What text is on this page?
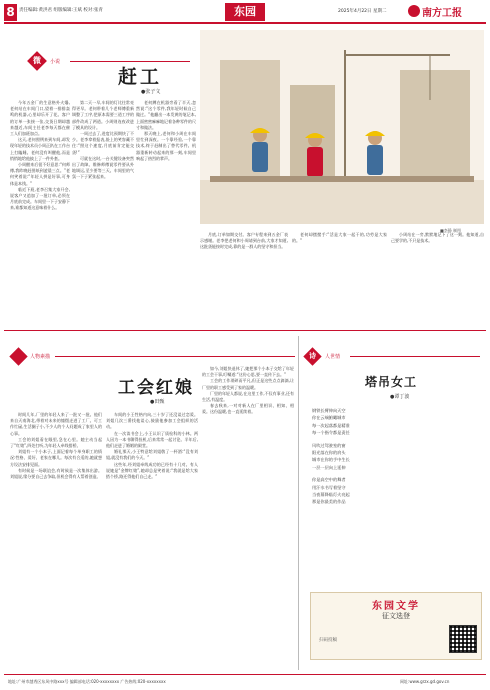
8 责任编辑:黄洪君 组版编辑:王斌 校对:张青	东园	2025年4月22日 星期二	南方工报
微	小说
赶工
●张子文

今年五金厂的生意格外火爆,老何站在车间门口,望着一排排轰鸣的机器,心里却乐开了花。客户的订单一张接一张,交货日期却越来越近,车间主任老李每天都在催工人们加班加点。

这天,老何照例来到车间,却发现年轻的技术员小周正趴在工作台上打瞌睡。老何没有叫醒他,而是悄悄地给他披上了一件外套。

小周醒来后很不好意思:“何师傅,我昨晚赶图纸到凌晨三点。”老何笑着说:“年轻人拼是好事,可身体是本钱。”

临近下班,老李召集大家开会,说客户又追加了一批订单,必须在月底前完成。车间里一下子安静下来,谁都知道这意味着什么。

第二天一早,车间的灯比往常亮得更早。老何带着几个老师傅重新调整了工序,把原本需要三道工序的部件改成了两道。小周则连夜改进了模具的设计。

一周过去了,进度比预期快了不少。老李拿着报表,脸上的笑容藏不住:“照这个速度,月底前肯定能交货!”

可就在这时,一台关键设备突然出了故障。维修师傅说零件要从外地调运,至少要等三天。车间里的气氛一下子紧张起来。

老何蹲在机器旁看了半天,忽然说:“这个零件,我年轻时候自己做过。”他翻出一本发黄的笔记本,上面密密麻麻地记着各种零件的尺寸和做法。

那天晚上,老何和小周在车间里忙到深夜。一个靠经验,一个靠技术,终于赶制出了替代零件。机器重新转动起来的那一刻,车间里响起了热烈的掌声。

■李静 制图

月底,订单如期交付。客户专程来到五金厂表示感谢。老李把老何和小周请到台前,大家才知道,这批货能按时完成,靠的是一群人的坚守和担当。

老何却摆摆手:“活是大家一起干的,功劳是大家的。”

小周站在一旁,默默地记下了这一刻。他知道,自己要学的,不只是技术。

人物素描
工会红娘
●田甄

时间几年,厂里的年轻人来了一批又一批。他们来自天南海北,带着对未来的憧憬走进了工厂。可工作忙碌,生活圈子小,不少人的个人问题成了家里人的心事。

工会的刘姐看在眼里,急在心里。她主动当起了“红娘”,四处打听,为年轻人牵线搭桥。

刘姐有一个小本子,上面记着每个单身职工的情况:性格、爱好、老家在哪儿。每次有合适的,她就想方设法安排见面。

有时候是一场联谊会,有时候是一次集体出游。刘姐说,缘分要自己去争取,但机会得有人帮着创造。

车间的小王性格内向,三十岁了还没谈过恋爱。刘姐几次三番找他谈心,鼓励他参加工会组织的活动。

在一次读书会上,小王认识了质检科的小林。两人因为一本书聊得投机,后来常常一起讨论。半年后,他们走进了婚姻的殿堂。

婚礼那天,小王特意给刘姐敬了一杯酒:“没有刘姐,就没有我们的今天。”

这些年,经刘姐牵线成功的已经有十几对。有人说她是“金牌红娘”,她却总是笑着说:“我就是给大家搭个桥,路还得他们自己走。”

如今,刘姐快退休了,她把那个小本子交给了年轻的工会干事,叮嘱道:“这份心思,要一直传下去。”

工会的工作琐碎而平凡,但正是这些点点滴滴,让厂里的职工感受到了家的温暖。

厂里的年轻人都说,在这里工作,不仅有事业,还有生活,有温度。

春去秋来,一对对新人在厂里相识、相知、相爱。这份温暖,也一直延续着。

诗	人世情
塔吊女工
●谭丁波
钢铁长臂伸向天空
你在云端俯瞰城市
每一次起落都是精准
每一个指令都是责任
风吹过驾驶室的窗
阳光落在你的肩头
城市在你的手中生长
一层一层向上延伸
你是高空中的舞者
用汗水书写着坚守
当夜幕降临灯火亮起
那是你最美的作品
东园文学
征文选登
扫码投稿
地址:广州市越秀区东风中路xxx号 编辑部电话:020-xxxxxxxx 广告热线:020-xxxxxxxx	网址:www.grzx.gd.gov.cn
